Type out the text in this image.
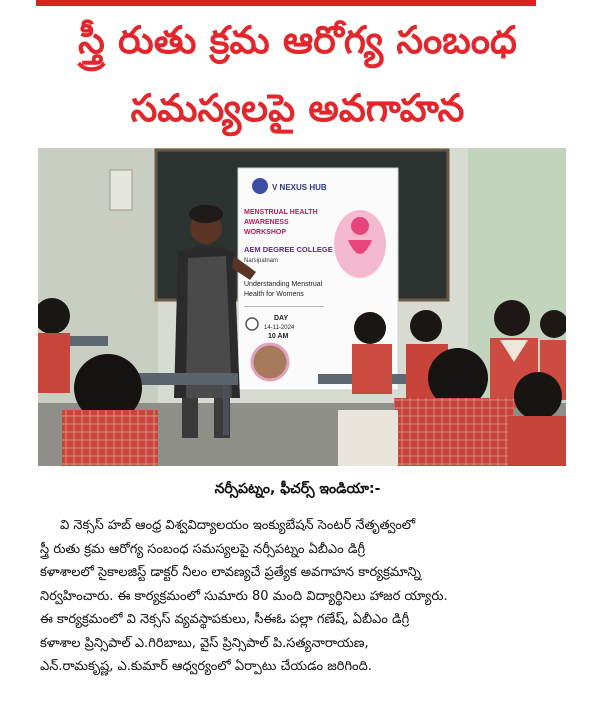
స్త్రీ రుతు క్రమ ఆరోగ్య సంబంధ
సమస్యలపై అవగాహన
V NEXUS HUB
MENSTRUAL HEALTH
AWARENESS
WORKSHOP
AEM DEGREE COLLEGE
Narsipatnam
Understanding Menstrual
Health for Womens
DAY
14-11-2024
10 AM
నర్సీపట్నం, ఫీచర్స్ ఇండియా:-
వి నెక్సస్ హబ్ ఆంధ్ర విశ్వవిద్యాలయం ఇంక్యుబేషన్ సెంటర్ నేతృత్వంలో
స్త్రీ రుతు క్రమ ఆరోగ్య సంబంధ సమస్యలపై నర్సీపట్నం ఏబీఎం డిగ్రీ
కళాశాలలో సైకాలజిస్ట్ డాక్టర్ నీలం లావణ్యచే ప్రత్యేక అవగాహన కార్యక్రమాన్ని
నిర్వహించారు. ఈ కార్యక్రమంలో సుమారు 80 మంది విద్యార్థినిలు హాజర య్యారు.
ఈ కార్యక్రమంలో వి నెక్సస్ వ్యవస్థాపకులు, సీఈఓ పల్లా గణేష్, ఏబీఎం డిగ్రీ
కళాశాల ప్రిన్సిపాల్ ఎ.గిరిబాబు, వైస్ ప్రిన్సిపాల్ పి.సత్యనారాయణ,
ఎన్.రామకృష్ణ, ఎ.కుమార్ ఆధ్వర్యంలో ఏర్పాటు చేయడం జరిగింది.
